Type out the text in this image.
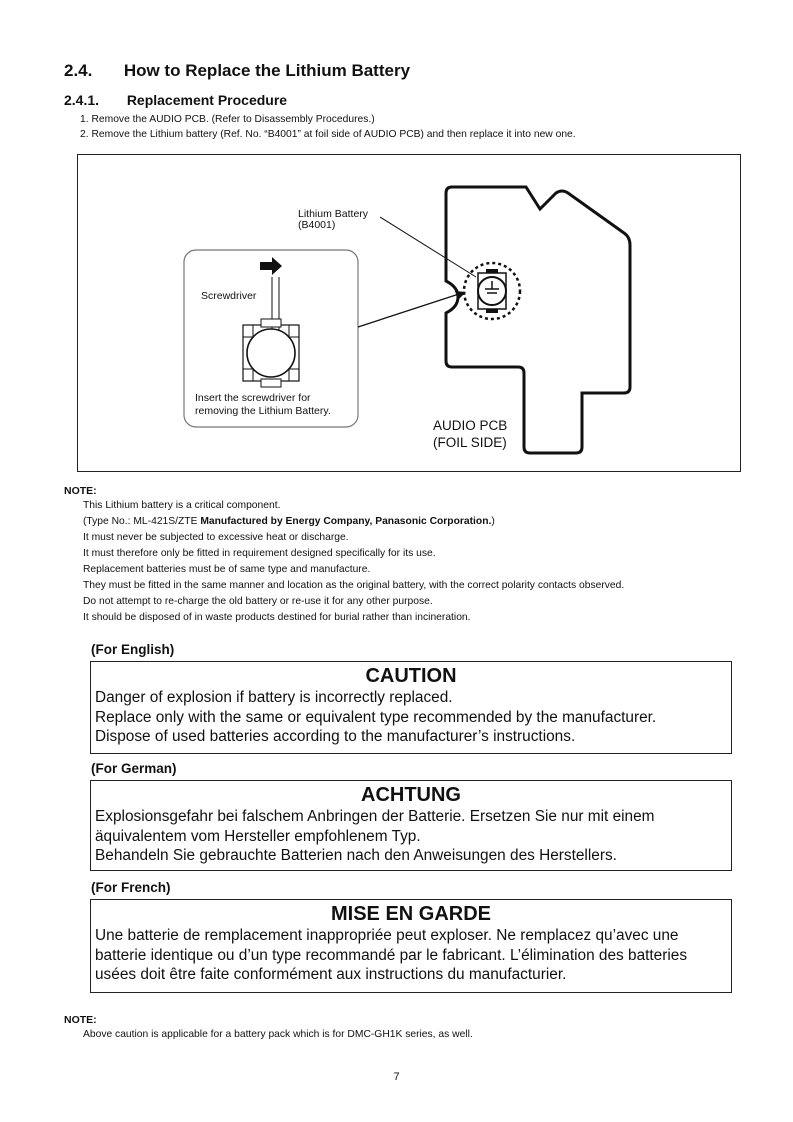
2.4. How to Replace the Lithium Battery
2.4.1. Replacement Procedure
1. Remove the AUDIO PCB. (Refer to Disassembly Procedures.)
2. Remove the Lithium battery (Ref. No. “B4001” at foil side of AUDIO PCB) and then replace it into new one.
Lithium Battery
(B4001)
Screwdriver
Insert the screwdriver for
removing the Lithium Battery.
AUDIO PCB
(FOIL SIDE)
NOTE:
This Lithium battery is a critical component.
(Type No.: ML-421S/ZTE Manufactured by Energy Company, Panasonic Corporation.)
It must never be subjected to excessive heat or discharge.
It must therefore only be fitted in requirement designed specifically for its use.
Replacement batteries must be of same type and manufacture.
They must be fitted in the same manner and location as the original battery, with the correct polarity contacts observed.
Do not attempt to re-charge the old battery or re-use it for any other purpose.
It should be disposed of in waste products destined for burial rather than incineration.
(For English)
CAUTION
Danger of explosion if battery is incorrectly replaced.
Replace only with the same or equivalent type recommended by the manufacturer.
Dispose of used batteries according to the manufacturer’s instructions.
(For German)
ACHTUNG
Explosionsgefahr bei falschem Anbringen der Batterie. Ersetzen Sie nur mit einem
äquivalentem vom Hersteller empfohlenem Typ.
Behandeln Sie gebrauchte Batterien nach den Anweisungen des Herstellers.
(For French)
MISE EN GARDE
Une batterie de remplacement inappropriée peut exploser. Ne remplacez qu’avec une
batterie identique ou d’un type recommandé par le fabricant. L’élimination des batteries
usées doit être faite conformément aux instructions du manufacturier.
NOTE:
Above caution is applicable for a battery pack which is for DMC-GH1K series, as well.
7
